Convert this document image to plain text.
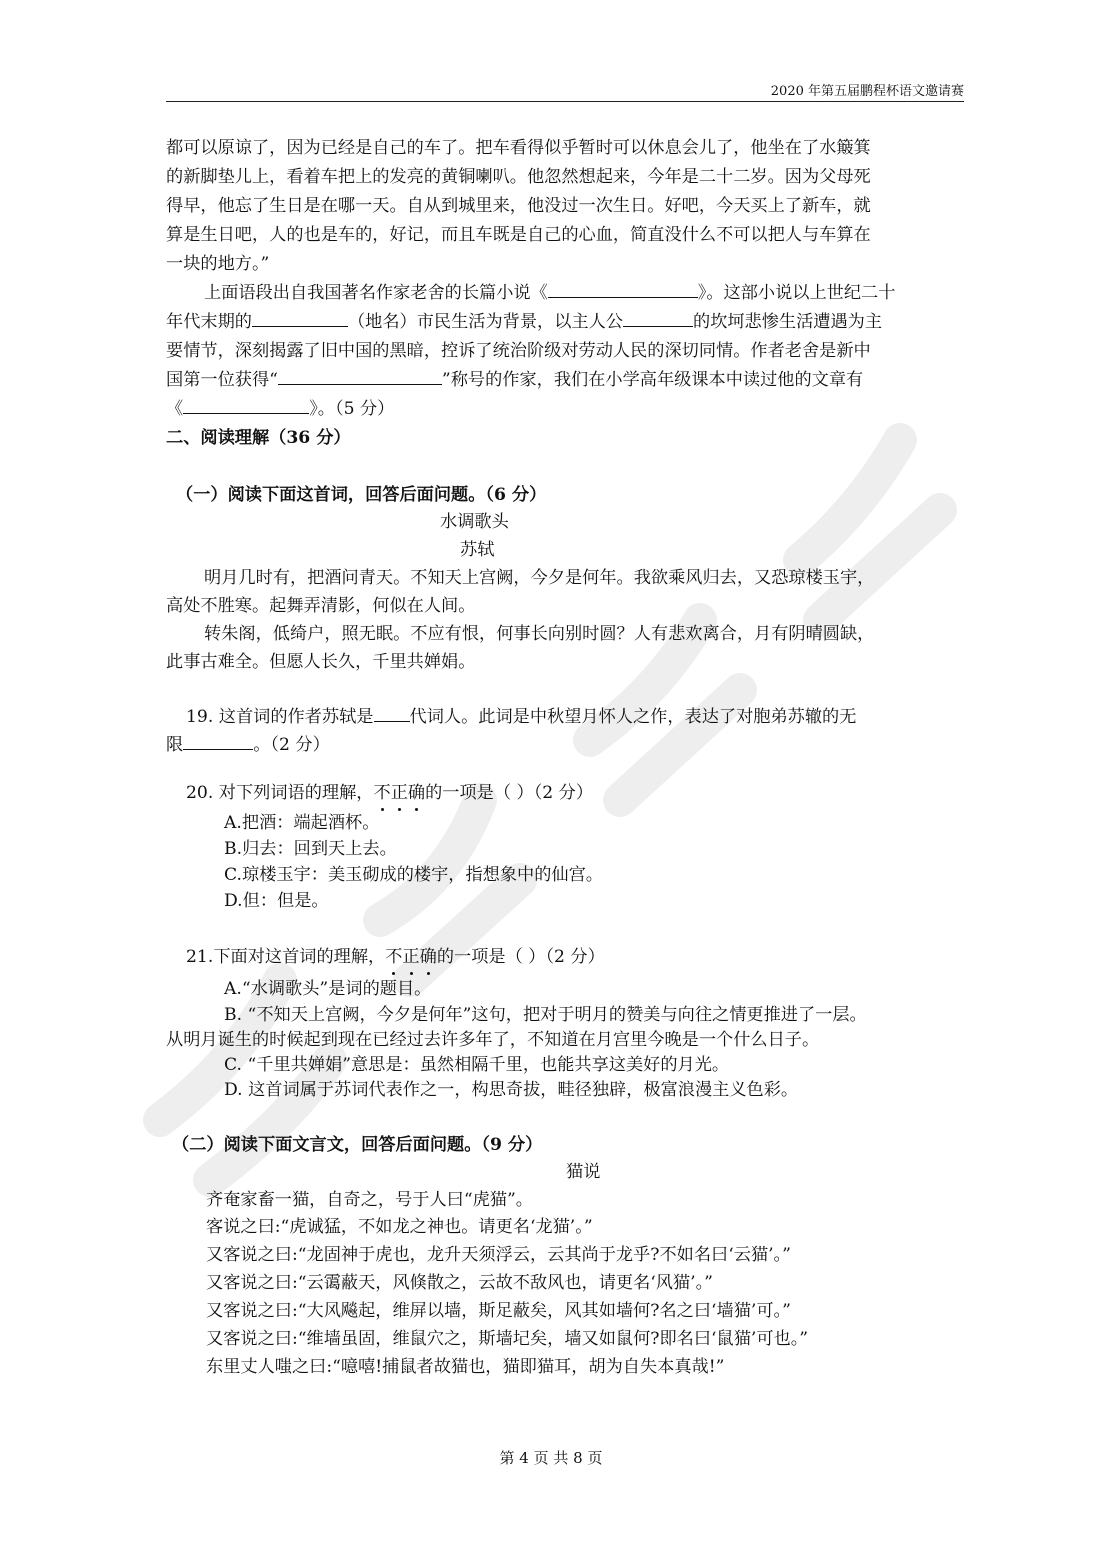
2020 年第五届鹏程杯语文邀请赛
都可以原谅了，因为已经是自己的车了。把车看得似乎暂时可以休息会儿了，他坐在了水簸箕
的新脚垫儿上，看着车把上的发亮的黄铜喇叭。他忽然想起来，今年是二十二岁。因为父母死
得早，他忘了生日是在哪一天。自从到城里来，他没过一次生日。好吧，今天买上了新车，就
算是生日吧，人的也是车的，好记，而且车既是自己的心血，简直没什么不可以把人与车算在
一块的地方。”
上面语段出自我国著名作家老舍的长篇小说《	》。这部小说以上世纪二十
年代末期的	（地名）市民生活为背景，以主人公	的坎坷悲惨生活遭遇为主
要情节，深刻揭露了旧中国的黑暗，控诉了统治阶级对劳动人民的深切同情。作者老舍是新中
国第一位获得“	”称号的作家，我们在小学高年级课本中读过他的文章有
《	》。（5 分）
二、阅读理解（36 分）
（一）阅读下面这首词，回答后面问题。（6 分）
水调歌头
苏轼
明月几时有，把酒问青天。不知天上宫阙，今夕是何年。我欲乘风归去，又恐琼楼玉宇，
高处不胜寒。起舞弄清影，何似在人间。
转朱阁，低绮户，照无眠。不应有恨，何事长向别时圆？人有悲欢离合，月有阴晴圆缺，
此事古难全。但愿人长久，千里共婵娟。
19. 这首词的作者苏轼是 代词人。此词是中秋望月怀人之作，表达了对胞弟苏辙的无
限	。（2 分）
20. 对下列词语的理解，不正确的一项是（ ）（2 分）
A.把酒：端起酒杯。
B.归去：回到天上去。
C.琼楼玉宇：美玉砌成的楼宇，指想象中的仙宫。
D.但：但是。
21.下面对这首词的理解，不正确的一项是（ ）（2 分）
A.“水调歌头”是词的题目。
B. “不知天上宫阙，今夕是何年”这句，把对于明月的赞美与向往之情更推进了一层。
从明月诞生的时候起到现在已经过去许多年了，不知道在月宫里今晚是一个什么日子。
C. “千里共婵娟”意思是：虽然相隔千里，也能共享这美好的月光。
D. 这首词属于苏词代表作之一，构思奇拔，畦径独辟，极富浪漫主义色彩。
（二）阅读下面文言文，回答后面问题。（9 分）
猫说
齐奄家畜一猫，自奇之，号于人曰“虎猫”。
客说之曰:“虎诚猛，不如龙之神也。请更名‘龙猫’。”
又客说之曰:“龙固神于虎也，龙升天须浮云，云其尚于龙乎?不如名曰‘云猫’。”
又客说之曰:“云霭蔽天，风倏散之，云故不敌风也，请更名‘风猫’。”
又客说之曰:“大风飚起，维屏以墙，斯足蔽矣，风其如墙何?名之曰‘墙猫’可。”
又客说之曰:“维墙虽固，维鼠穴之，斯墙圮矣，墙又如鼠何?即名曰‘鼠猫’可也。”
东里丈人嗤之曰:“噫嘻!捕鼠者故猫也，猫即猫耳，胡为自失本真哉!”
第 4 页 共 8 页
